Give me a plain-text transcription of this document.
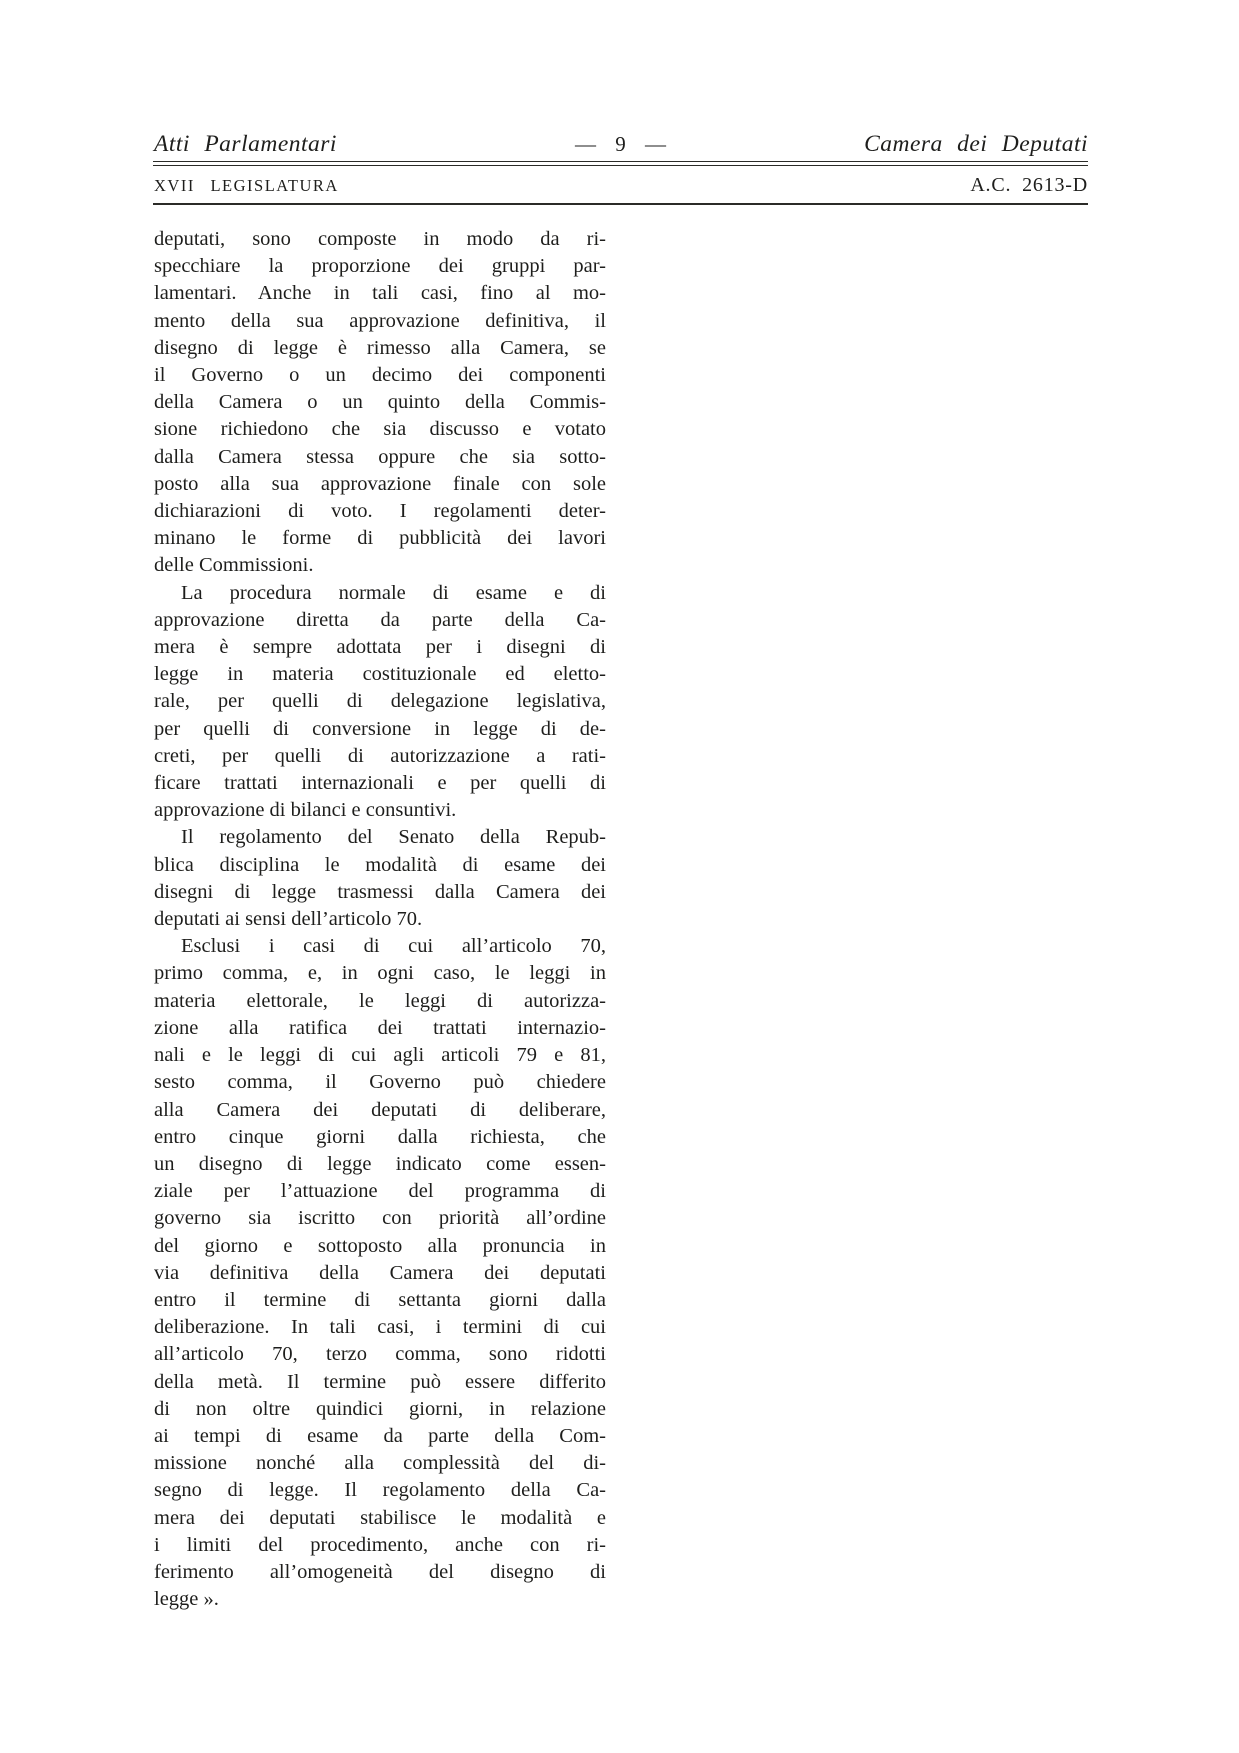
Atti Parlamentari	— 9 —	Camera dei Deputati
XVII LEGISLATURA	A.C. 2613-D
deputati, sono composte in modo da ri-
specchiare la proporzione dei gruppi par-
lamentari. Anche in tali casi, fino al mo-
mento della sua approvazione definitiva, il
disegno di legge è rimesso alla Camera, se
il Governo o un decimo dei componenti
della Camera o un quinto della Commis-
sione richiedono che sia discusso e votato
dalla Camera stessa oppure che sia sotto-
posto alla sua approvazione finale con sole
dichiarazioni di voto. I regolamenti deter-
minano le forme di pubblicità dei lavori
delle Commissioni.
La procedura normale di esame e di
approvazione diretta da parte della Ca-
mera è sempre adottata per i disegni di
legge in materia costituzionale ed eletto-
rale, per quelli di delegazione legislativa,
per quelli di conversione in legge di de-
creti, per quelli di autorizzazione a rati-
ficare trattati internazionali e per quelli di
approvazione di bilanci e consuntivi.
Il regolamento del Senato della Repub-
blica disciplina le modalità di esame dei
disegni di legge trasmessi dalla Camera dei
deputati ai sensi dell’articolo 70.
Esclusi i casi di cui all’articolo 70,
primo comma, e, in ogni caso, le leggi in
materia elettorale, le leggi di autorizza-
zione alla ratifica dei trattati internazio-
nali e le leggi di cui agli articoli 79 e 81,
sesto comma, il Governo può chiedere
alla Camera dei deputati di deliberare,
entro cinque giorni dalla richiesta, che
un disegno di legge indicato come essen-
ziale per l’attuazione del programma di
governo sia iscritto con priorità all’ordine
del giorno e sottoposto alla pronuncia in
via definitiva della Camera dei deputati
entro il termine di settanta giorni dalla
deliberazione. In tali casi, i termini di cui
all’articolo 70, terzo comma, sono ridotti
della metà. Il termine può essere differito
di non oltre quindici giorni, in relazione
ai tempi di esame da parte della Com-
missione nonché alla complessità del di-
segno di legge. Il regolamento della Ca-
mera dei deputati stabilisce le modalità e
i limiti del procedimento, anche con ri-
ferimento all’omogeneità del disegno di
legge ».
